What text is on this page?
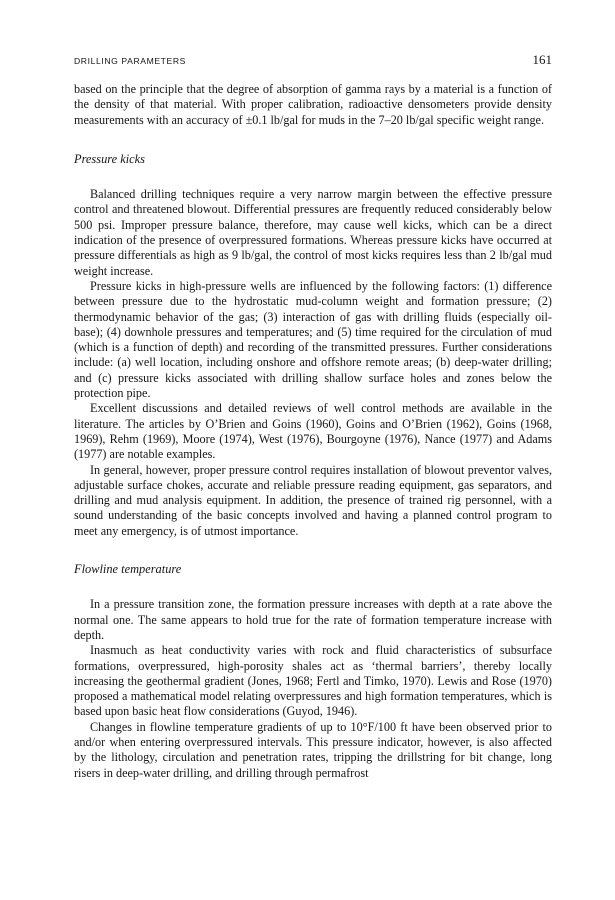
DRILLING PARAMETERS	161

based on the principle that the degree of absorption of gamma rays by a material is a function of the density of that material. With proper calibration, radioactive densometers provide density measurements with an accuracy of ±0.1 lb/gal for muds in the 7–20 lb/gal specific weight range.

Pressure kicks

Balanced drilling techniques require a very narrow margin between the effective pressure control and threatened blowout. Differential pressures are frequently reduced considerably below 500 psi. Improper pressure balance, therefore, may cause well kicks, which can be a direct indication of the presence of overpressured formations. Whereas pressure kicks have occurred at pressure differentials as high as 9 lb/gal, the control of most kicks requires less than 2 lb/gal mud weight increase.

Pressure kicks in high-pressure wells are influenced by the following factors: (1) difference between pressure due to the hydrostatic mud-column weight and formation pressure; (2) thermodynamic behavior of the gas; (3) interaction of gas with drilling fluids (especially oil-base); (4) downhole pressures and temperatures; and (5) time required for the circulation of mud (which is a function of depth) and recording of the transmitted pressures. Further considerations include: (a) well location, including onshore and offshore remote areas; (b) deep-water drilling; and (c) pressure kicks associated with drilling shallow surface holes and zones below the protection pipe.

Excellent discussions and detailed reviews of well control methods are available in the literature. The articles by O’Brien and Goins (1960), Goins and O’Brien (1962), Goins (1968, 1969), Rehm (1969), Moore (1974), West (1976), Bourgoyne (1976), Nance (1977) and Adams (1977) are notable examples.

In general, however, proper pressure control requires installation of blowout preventor valves, adjustable surface chokes, accurate and reliable pressure reading equipment, gas separators, and drilling and mud analysis equipment. In addition, the presence of trained rig personnel, with a sound understanding of the basic concepts involved and having a planned control program to meet any emergency, is of utmost importance.

Flowline temperature

In a pressure transition zone, the formation pressure increases with depth at a rate above the normal one. The same appears to hold true for the rate of formation temperature increase with depth.

Inasmuch as heat conductivity varies with rock and fluid characteristics of subsurface formations, overpressured, high-porosity shales act as ‘thermal barriers’, thereby locally increasing the geothermal gradient (Jones, 1968; Fertl and Timko, 1970). Lewis and Rose (1970) proposed a mathematical model relating overpressures and high formation temperatures, which is based upon basic heat flow considerations (Guyod, 1946).

Changes in flowline temperature gradients of up to 10°F/100 ft have been observed prior to and/or when entering overpressured intervals. This pressure indicator, however, is also affected by the lithology, circulation and penetration rates, tripping the drillstring for bit change, long risers in deep-water drilling, and drilling through permafrost
